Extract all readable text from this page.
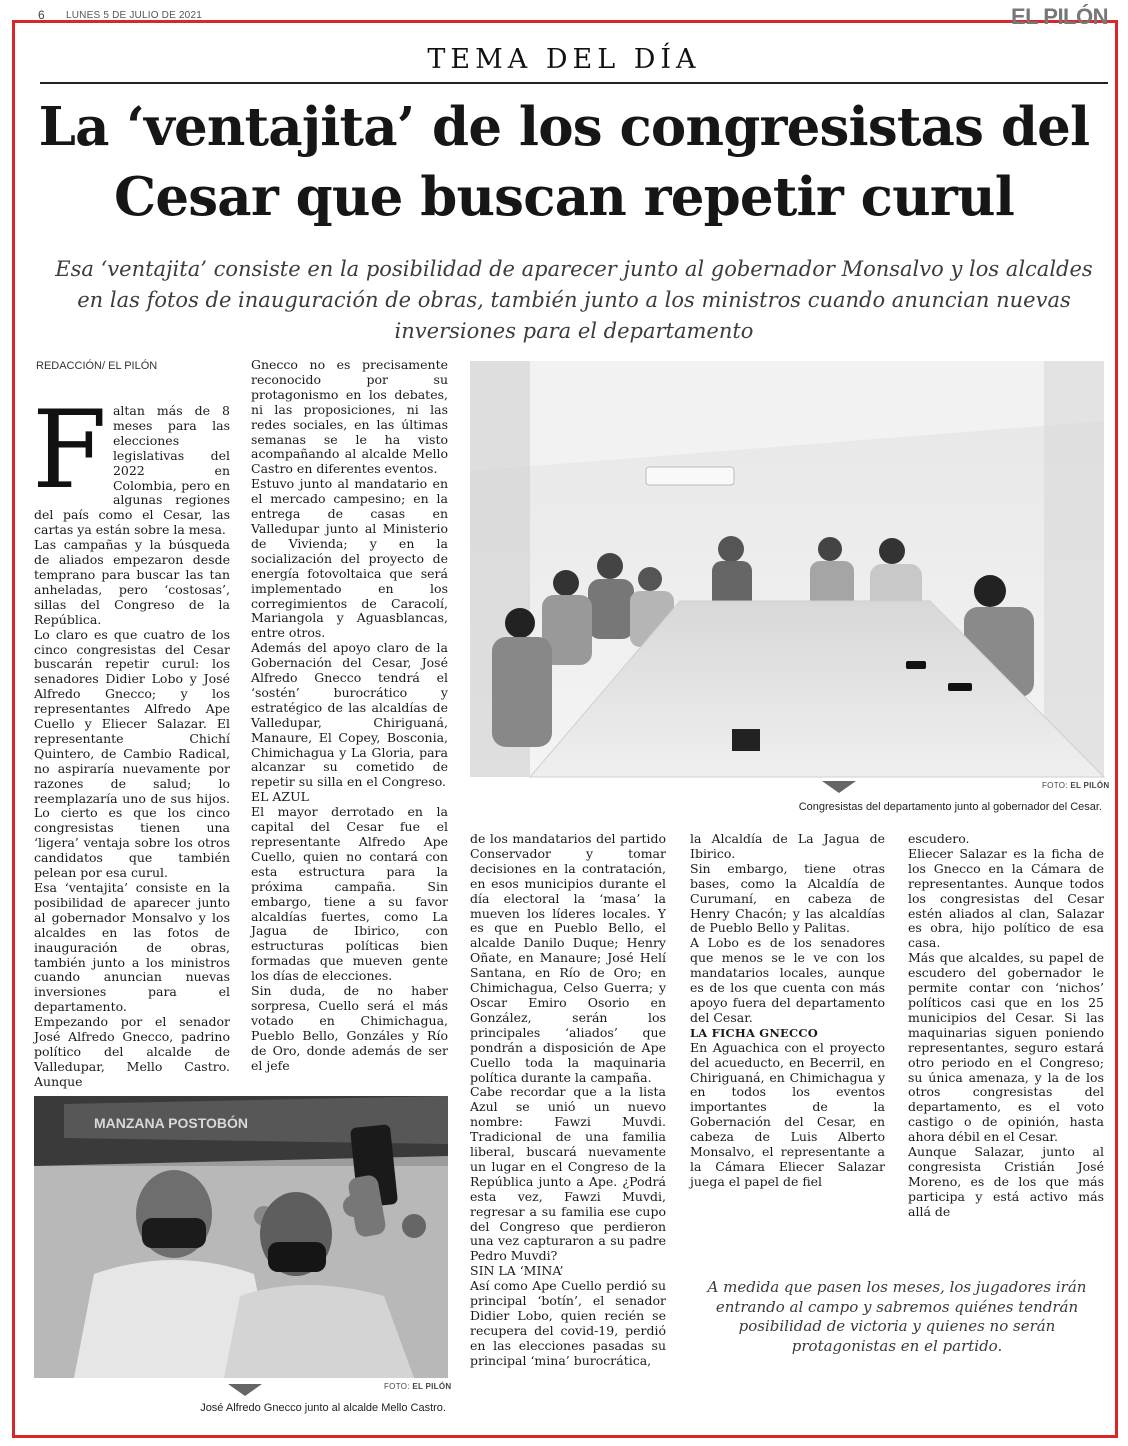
6 LUNES 5 DE JULIO DE 2021	EL PILÓN
TEMA DEL DÍA
La ‘ventajita’ de los congresistas del Cesar que buscan repetir curul
Esa ‘ventajita’ consiste en la posibilidad de aparecer junto al gobernador Monsalvo y los alcaldes en las fotos de inauguración de obras, también junto a los ministros cuando anuncian nuevas inversiones para el departamento
REDACCIÓN/ EL PILÓN
F altan más de 8 meses para las elecciones legislativas del 2022 en Colombia, pero en algunas regiones del país como el Cesar, las cartas ya están sobre la mesa.

Las campañas y la búsqueda de aliados empezaron desde temprano para buscar las tan anheladas, pero ‘costosas’, sillas del Congreso de la República.

Lo claro es que cuatro de los cinco congresistas del Cesar buscarán repetir curul: los senadores Didier Lobo y José Alfredo Gnecco; y los representantes Alfredo Ape Cuello y Eliecer Salazar. El representante Chichí Quintero, de Cambio Radical, no aspiraría nuevamente por razones de salud; lo reemplazaría uno de sus hijos. Lo cierto es que los cinco congresistas tienen una ‘ligera’ ventaja sobre los otros candidatos que también pelean por esa curul.

Esa ‘ventajita’ consiste en la posibilidad de aparecer junto al gobernador Monsalvo y los alcaldes en las fotos de inauguración de obras, también junto a los ministros cuando anuncian nuevas inversiones para el departamento.

Empezando por el senador José Alfredo Gnecco, padrino político del alcalde de Valledupar, Mello Castro. Aunque

Gnecco no es precisamente reconocido por su protagonismo en los debates, ni las proposiciones, ni las redes sociales, en las últimas semanas se le ha visto acompañando al alcalde Mello Castro en diferentes eventos.

Estuvo junto al mandatario en el mercado campesino; en la entrega de casas en Valledupar junto al Ministerio de Vivienda; y en la socialización del proyecto de energía fotovoltaica que será implementado en los corregimientos de Caracolí, Mariangola y Aguasblancas, entre otros.

Además del apoyo claro de la Gobernación del Cesar, José Alfredo Gnecco tendrá el ‘sostén’ burocrático y estratégico de las alcaldías de Valledupar, Chiriguaná, Manaure, El Copey, Bosconia, Chimichagua y La Gloria, para alcanzar su cometido de repetir su silla en el Congreso.

EL AZUL

El mayor derrotado en la capital del Cesar fue el representante Alfredo Ape Cuello, quien no contará con esta estructura para la próxima campaña. Sin embargo, tiene a su favor alcaldías fuertes, como La Jagua de Ibirico, con estructuras políticas bien formadas que mueven gente los días de elecciones.

Sin duda, de no haber sorpresa, Cuello será el más votado en Chimichagua, Pueblo Bello, Gonzáles y Río de Oro, donde además de ser el jefe

FOTO: EL PILÓN
Congresistas del departamento junto al gobernador del Cesar.

de los mandatarios del partido Conservador y tomar decisiones en la contratación, en esos municipios durante el día electoral la ‘masa’ la mueven los líderes locales. Y es que en Pueblo Bello, el alcalde Danilo Duque; Henry Oñate, en Manaure; José Helí Santana, en Río de Oro; en Chimichagua, Celso Guerra; y Oscar Emiro Osorio en González, serán los principales ‘aliados’ que pondrán a disposición de Ape Cuello toda la maquinaria política durante la campaña.

Cabe recordar que a la lista Azul se unió un nuevo nombre: Fawzi Muvdi. Tradicional de una familia liberal, buscará nuevamente un lugar en el Congreso de la República junto a Ape. ¿Podrá esta vez, Fawzi Muvdi, regresar a su familia ese cupo del Congreso que perdieron una vez capturaron a su padre Pedro Muvdi?

SIN LA ‘MINA’

Así como Ape Cuello perdió su principal ‘botín’, el senador Didier Lobo, quien recién se recupera del covid-19, perdió en las elecciones pasadas su principal ‘mina’ burocrática,

la Alcaldía de La Jagua de Ibirico.

Sin embargo, tiene otras bases, como la Alcaldía de Curumaní, en cabeza de Henry Chacón; y las alcaldías de Pueblo Bello y Palitas.

A Lobo es de los senadores que menos se le ve con los mandatarios locales, aunque es de los que cuenta con más apoyo fuera del departamento del Cesar.

LA FICHA GNECCO

En Aguachica con el proyecto del acueducto, en Becerril, en Chiriguaná, en Chimichagua y en todos los eventos importantes de la Gobernación del Cesar, en cabeza de Luis Alberto Monsalvo, el representante a la Cámara Eliecer Salazar juega el papel de fiel

escudero.

Eliecer Salazar es la ficha de los Gnecco en la Cámara de representantes. Aunque todos los congresistas del Cesar estén aliados al clan, Salazar es obra, hijo político de esa casa.

Más que alcaldes, su papel de escudero del gobernador le permite contar con ‘nichos’ políticos casi que en los 25 municipios del Cesar. Si las maquinarias siguen poniendo representantes, seguro estará otro periodo en el Congreso; su única amenaza, y la de los otros congresistas del departamento, es el voto castigo o de opinión, hasta ahora débil en el Cesar.

Aunque Salazar, junto al congresista Cristián José Moreno, es de los que más participa y está activo más allá de

MANZANA POSTOBÓN
FOTO: EL PILÓN
José Alfredo Gnecco junto al alcalde Mello Castro.
A medida que pasen los meses, los jugadores irán entrando al campo y sabremos quiénes tendrán posibilidad de victoria y quienes no serán protagonistas en el partido.
